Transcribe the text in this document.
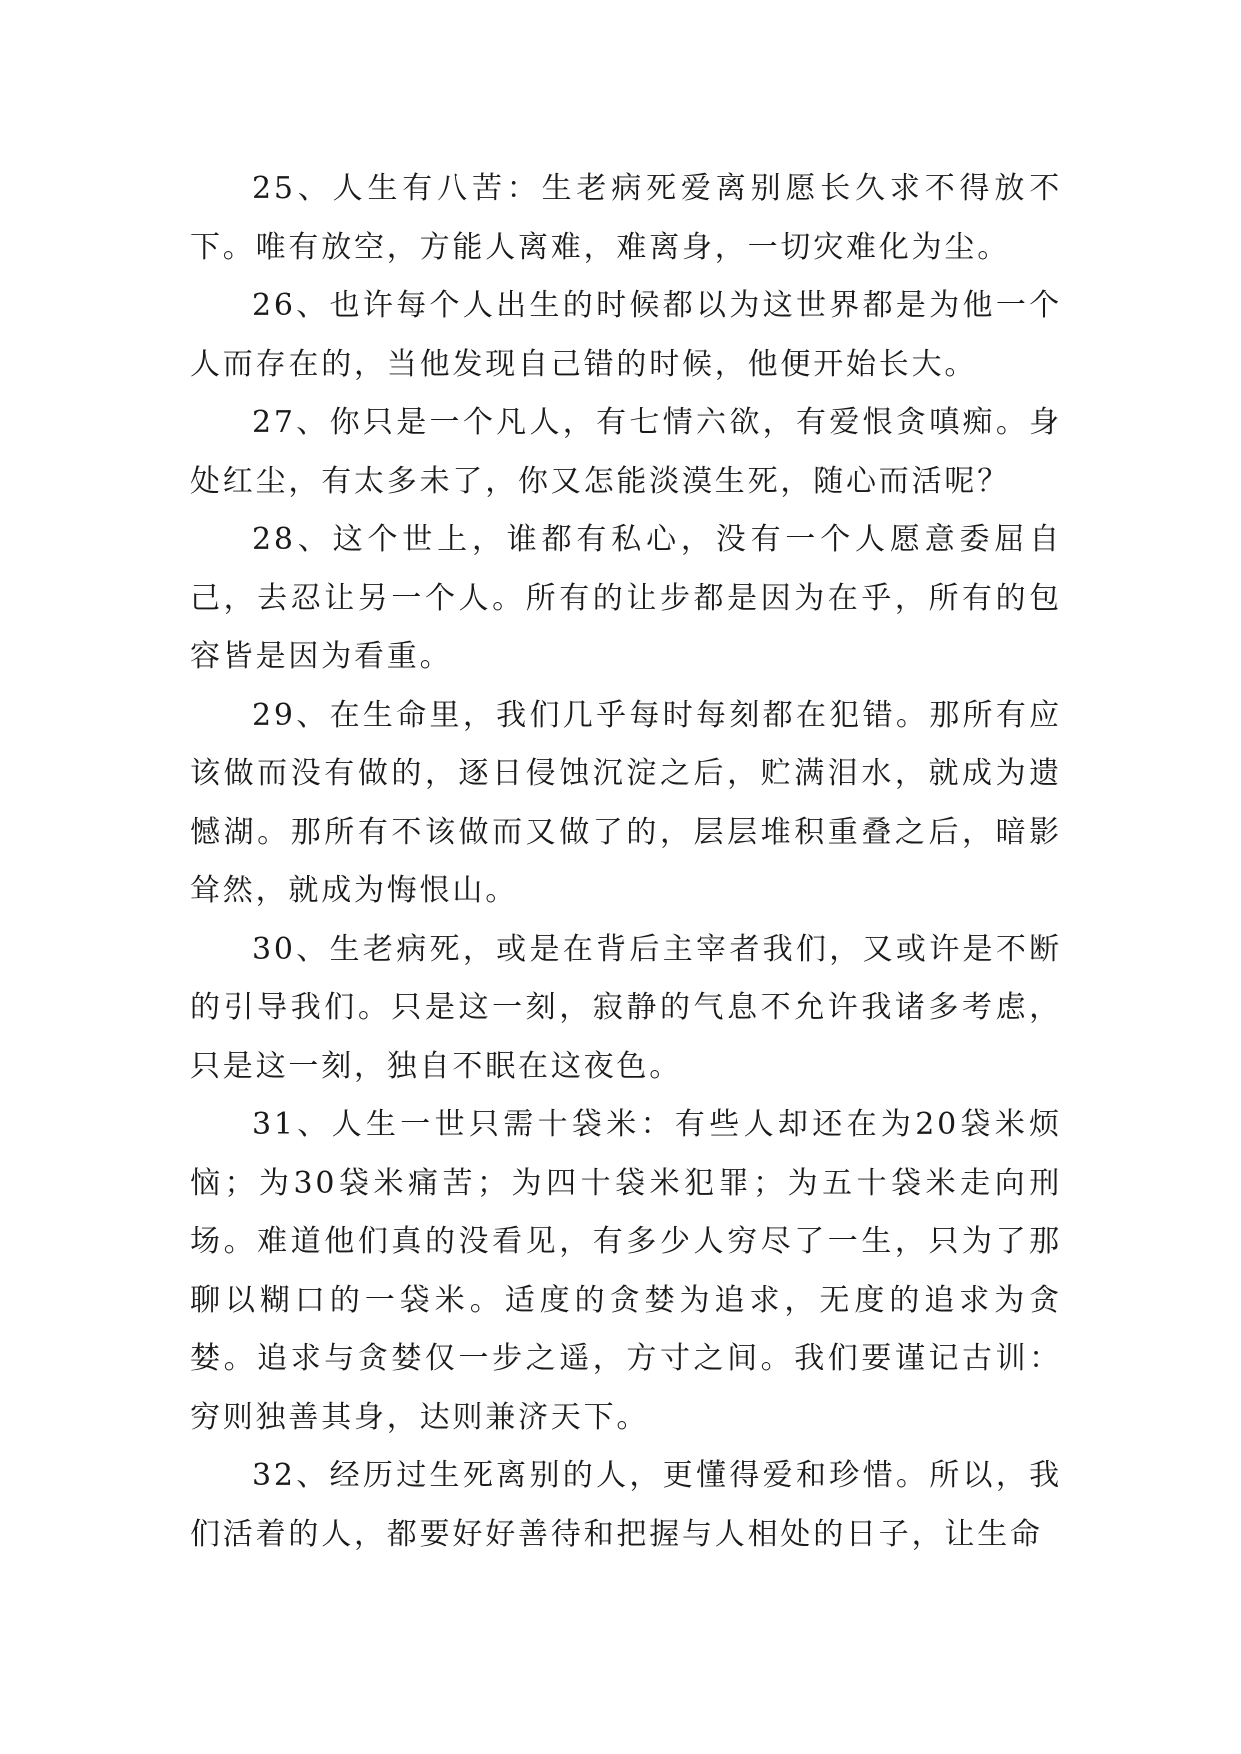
25、人生有八苦：生老病死爱离别愿长久求不得放不下。唯有放空，方能人离难，难离身，一切灾难化为尘。

26、也许每个人出生的时候都以为这世界都是为他一个人而存在的，当他发现自己错的时候，他便开始长大。

27、你只是一个凡人，有七情六欲，有爱恨贪嗔痴。身处红尘，有太多未了，你又怎能淡漠生死，随心而活呢？

28、这个世上，谁都有私心，没有一个人愿意委屈自己，去忍让另一个人。所有的让步都是因为在乎，所有的包容皆是因为看重。

29、在生命里，我们几乎每时每刻都在犯错。那所有应该做而没有做的，逐日侵蚀沉淀之后，贮满泪水，就成为遗憾湖。那所有不该做而又做了的，层层堆积重叠之后，暗影耸然，就成为悔恨山。

30、生老病死，或是在背后主宰者我们，又或许是不断的引导我们。只是这一刻，寂静的气息不允许我诸多考虑，只是这一刻，独自不眠在这夜色。

31、人生一世只需十袋米：有些人却还在为20袋米烦恼；为30袋米痛苦；为四十袋米犯罪；为五十袋米走向刑场。难道他们真的没看见，有多少人穷尽了一生，只为了那聊以糊口的一袋米。适度的贪婪为追求，无度的追求为贪婪。追求与贪婪仅一步之遥，方寸之间。我们要谨记古训：穷则独善其身，达则兼济天下。

32、经历过生死离别的人，更懂得爱和珍惜。所以，我们活着的人，都要好好善待和把握与人相处的日子，让生命
